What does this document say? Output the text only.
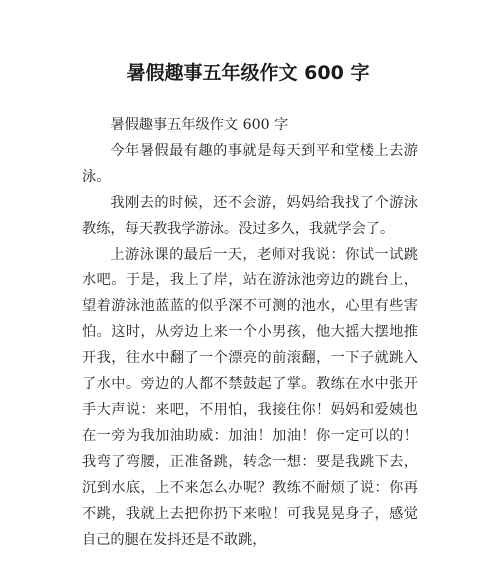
暑假趣事五年级作文 600 字

暑假趣事五年级作文 600 字

今年暑假最有趣的事就是每天到平和堂楼上去游泳。

我刚去的时候，还不会游，妈妈给我找了个游泳教练，每天教我学游泳。没过多久，我就学会了。

上游泳课的最后一天，老师对我说：你试一试跳水吧。于是，我上了岸，站在游泳池旁边的跳台上，望着游泳池蓝蓝的似乎深不可测的池水，心里有些害怕。这时，从旁边上来一个小男孩，他大摇大摆地推开我，往水中翻了一个漂亮的前滚翻，一下子就跳入了水中。旁边的人都不禁鼓起了掌。教练在水中张开手大声说：来吧，不用怕，我接住你！妈妈和爱姨也在一旁为我加油助威：加油！加油！你一定可以的！我弯了弯腰，正准备跳，转念一想：要是我跳下去，沉到水底，上不来怎么办呢？教练不耐烦了说：你再不跳，我就上去把你扔下来啦！可我晃晃身子，感觉自己的腿在发抖还是不敢跳，
